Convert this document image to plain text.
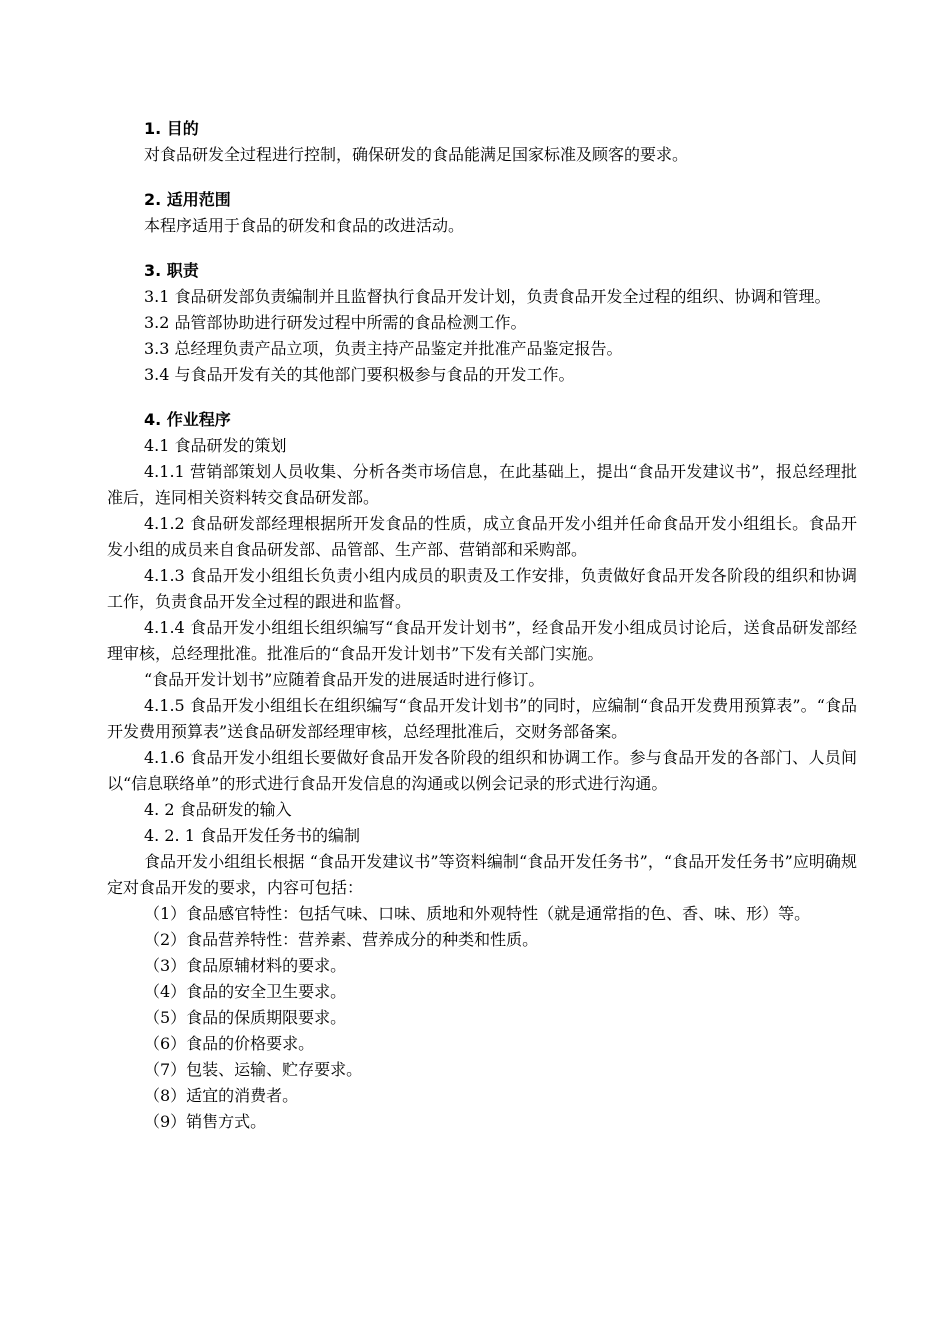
1. 目的
对食品研发全过程进行控制，确保研发的食品能满足国家标准及顾客的要求。
2. 适用范围
本程序适用于食品的研发和食品的改进活动。
3. 职责
3.1 食品研发部负责编制并且监督执行食品开发计划，负责食品开发全过程的组织、协调和管理。
3.2 品管部协助进行研发过程中所需的食品检测工作。
3.3 总经理负责产品立项，负责主持产品鉴定并批准产品鉴定报告。
3.4 与食品开发有关的其他部门要积极参与食品的开发工作。
4. 作业程序
4.1 食品研发的策划
4.1.1 营销部策划人员收集、分析各类市场信息，在此基础上，提出“食品开发建议书”，报总经理批准后，连同相关资料转交食品研发部。
4.1.2 食品研发部经理根据所开发食品的性质，成立食品开发小组并任命食品开发小组组长。食品开发小组的成员来自食品研发部、品管部、生产部、营销部和采购部。
4.1.3 食品开发小组组长负责小组内成员的职责及工作安排，负责做好食品开发各阶段的组织和协调工作，负责食品开发全过程的跟进和监督。
4.1.4 食品开发小组组长组织编写“食品开发计划书”，经食品开发小组成员讨论后，送食品研发部经理审核，总经理批准。批准后的“食品开发计划书”下发有关部门实施。
“食品开发计划书”应随着食品开发的进展适时进行修订。
4.1.5 食品开发小组组长在组织编写“食品开发计划书”的同时，应编制“食品开发费用预算表”。“食品开发费用预算表”送食品研发部经理审核，总经理批准后，交财务部备案。
4.1.6 食品开发小组组长要做好食品开发各阶段的组织和协调工作。参与食品开发的各部门、人员间以“信息联络单”的形式进行食品开发信息的沟通或以例会记录的形式进行沟通。
4. 2 食品研发的输入
4. 2. 1 食品开发任务书的编制
食品开发小组组长根据 “食品开发建议书”等资料编制“食品开发任务书”，“食品开发任务书”应明确规定对食品开发的要求，内容可包括：
（1）食品感官特性：包括气味、口味、质地和外观特性（就是通常指的色、香、味、形）等。
（2）食品营养特性：营养素、营养成分的种类和性质。
（3）食品原辅材料的要求。
（4）食品的安全卫生要求。
（5）食品的保质期限要求。
（6）食品的价格要求。
（7）包装、运输、贮存要求。
（8）适宜的消费者。
（9）销售方式。
